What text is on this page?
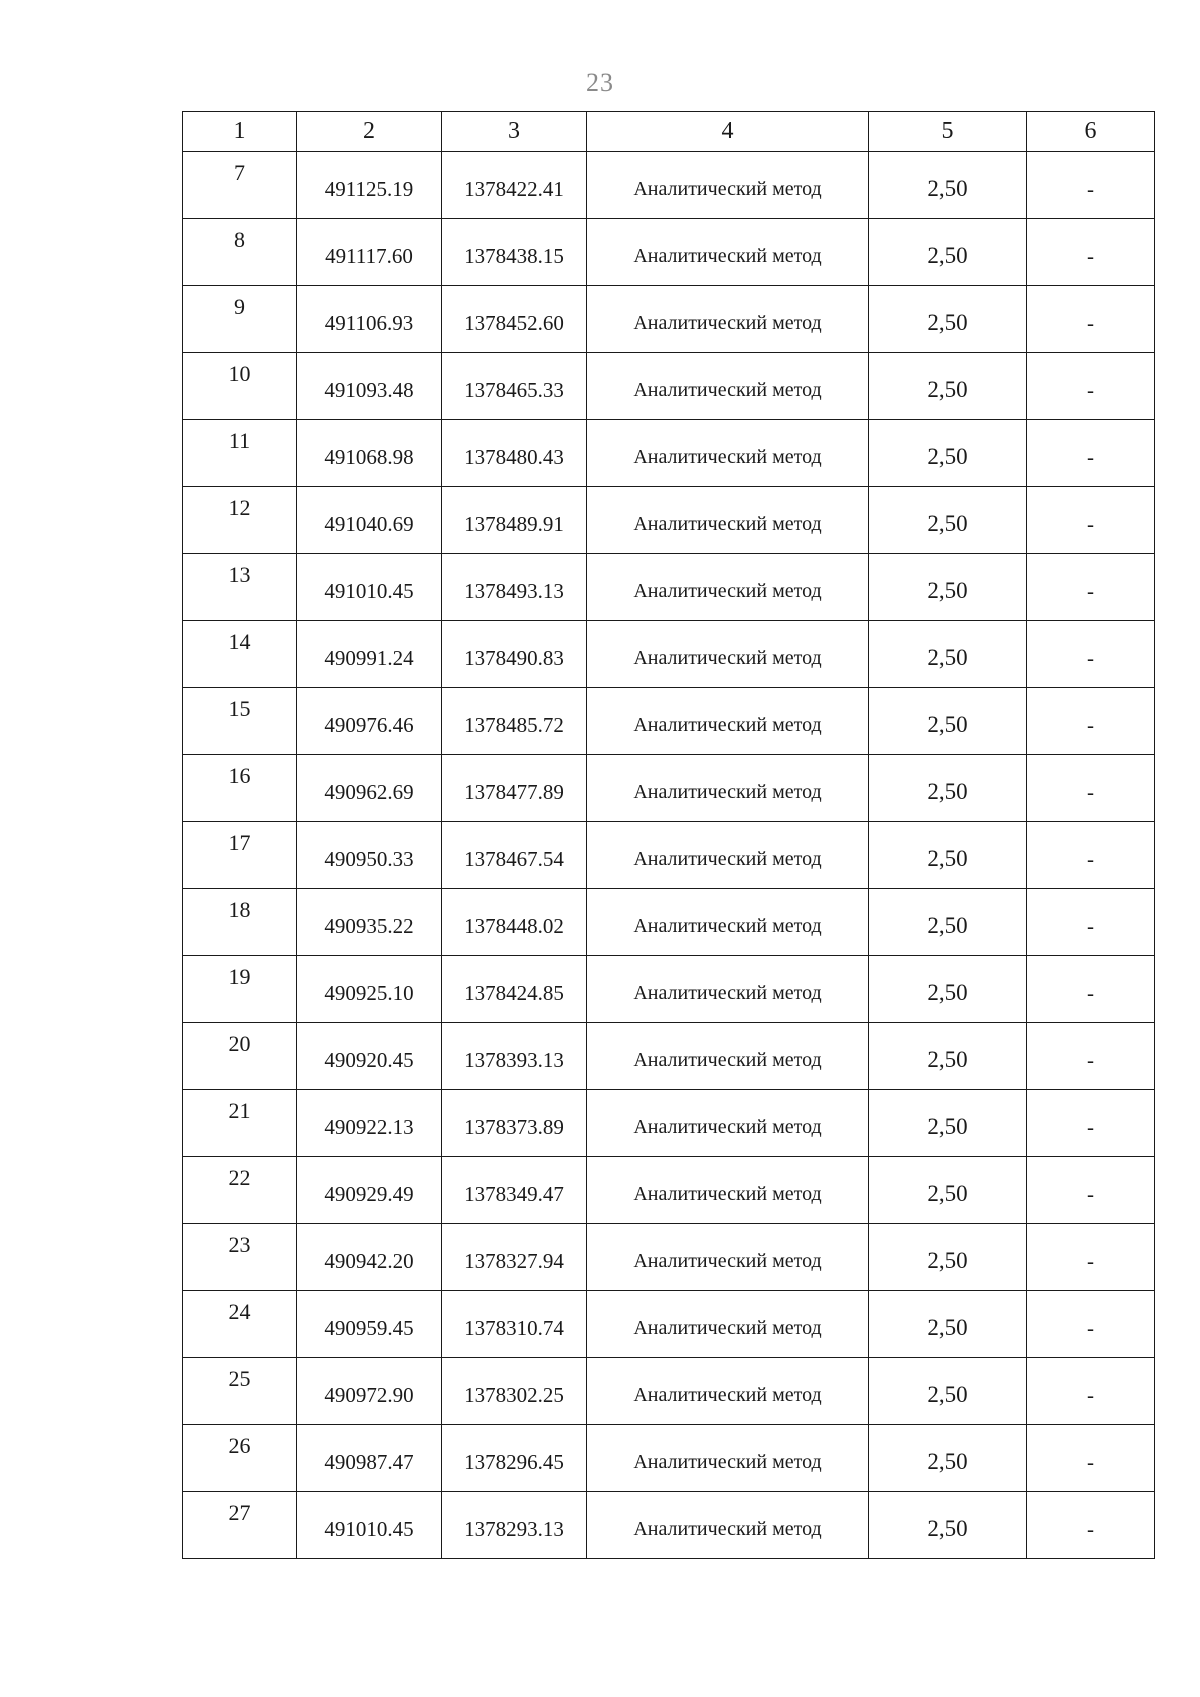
23
1	2	3	4	5	6
7	491125.19	1378422.41	Аналитический метод	2,50	-
8	491117.60	1378438.15	Аналитический метод	2,50	-
9	491106.93	1378452.60	Аналитический метод	2,50	-
10	491093.48	1378465.33	Аналитический метод	2,50	-
11	491068.98	1378480.43	Аналитический метод	2,50	-
12	491040.69	1378489.91	Аналитический метод	2,50	-
13	491010.45	1378493.13	Аналитический метод	2,50	-
14	490991.24	1378490.83	Аналитический метод	2,50	-
15	490976.46	1378485.72	Аналитический метод	2,50	-
16	490962.69	1378477.89	Аналитический метод	2,50	-
17	490950.33	1378467.54	Аналитический метод	2,50	-
18	490935.22	1378448.02	Аналитический метод	2,50	-
19	490925.10	1378424.85	Аналитический метод	2,50	-
20	490920.45	1378393.13	Аналитический метод	2,50	-
21	490922.13	1378373.89	Аналитический метод	2,50	-
22	490929.49	1378349.47	Аналитический метод	2,50	-
23	490942.20	1378327.94	Аналитический метод	2,50	-
24	490959.45	1378310.74	Аналитический метод	2,50	-
25	490972.90	1378302.25	Аналитический метод	2,50	-
26	490987.47	1378296.45	Аналитический метод	2,50	-
27	491010.45	1378293.13	Аналитический метод	2,50	-
